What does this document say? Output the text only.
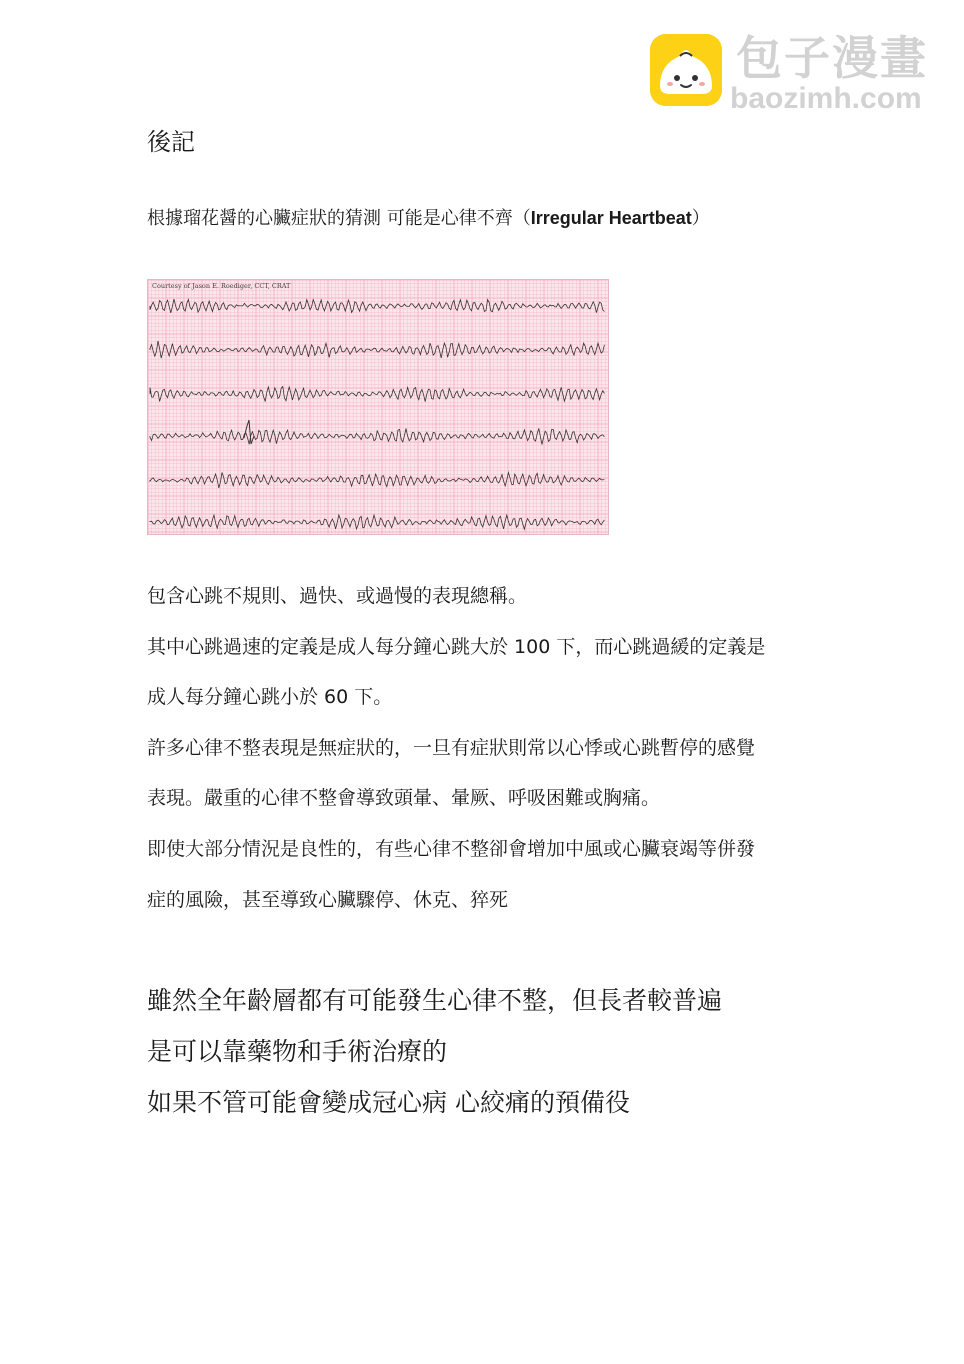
包子漫畫
baozimh.com
後記
根據瑠花醤的心臟症狀的猜測 可能是心律不齊（Irregular Heartbeat）
Courtesy of Jason E. Roediger, CCT, CRAT
包含心跳不規則、過快、或過慢的表現總稱。
其中心跳過速的定義是成人每分鐘心跳大於 100 下，而心跳過緩的定義是
成人每分鐘心跳小於 60 下。
許多心律不整表現是無症狀的，一旦有症狀則常以心悸或心跳暫停的感覺
表現。嚴重的心律不整會導致頭暈、暈厥、呼吸困難或胸痛。
即使大部分情況是良性的，有些心律不整卻會增加中風或心臟衰竭等併發
症的風險，甚至導致心臟驟停、休克、猝死
雖然全年齡層都有可能發生心律不整，但長者較普遍
是可以靠藥物和手術治療的
如果不管可能會變成冠心病 心絞痛的預備役
